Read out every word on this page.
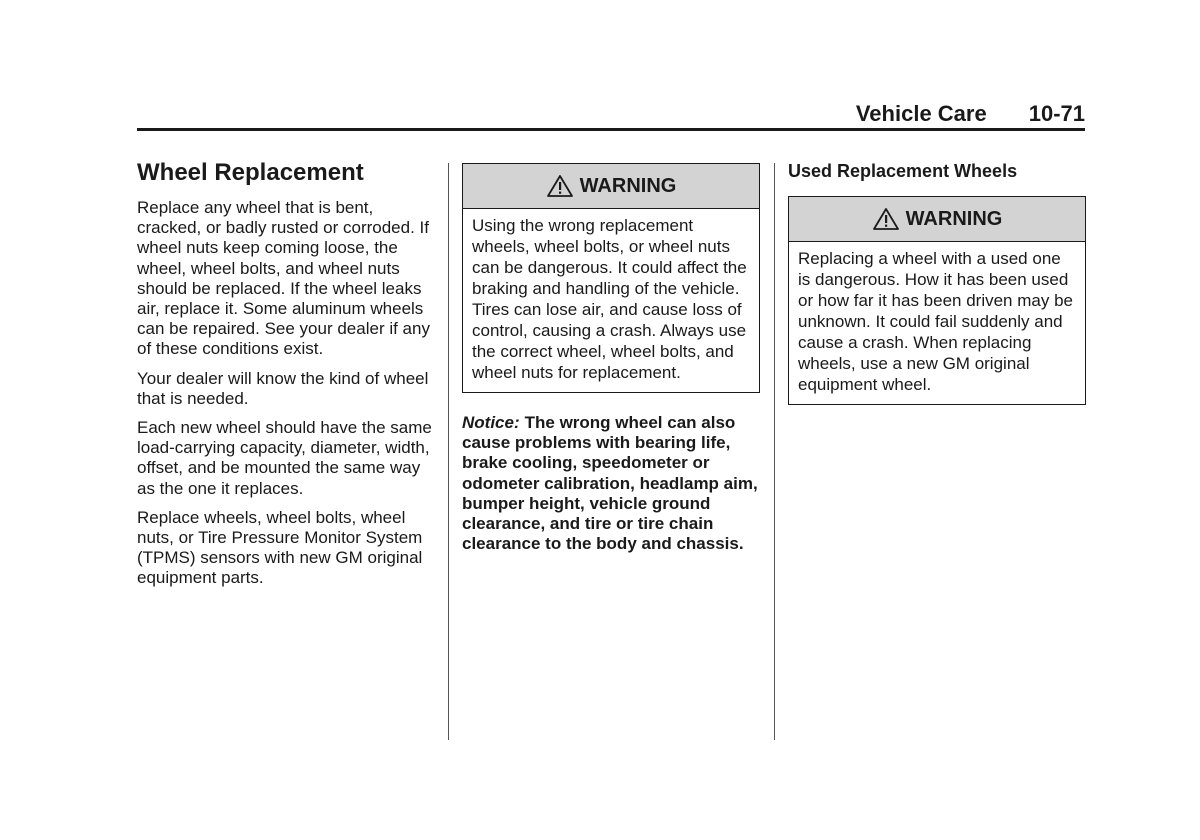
Vehicle Care 10-71
Wheel Replacement

Replace any wheel that is bent, cracked, or badly rusted or corroded. If wheel nuts keep coming loose, the wheel, wheel bolts, and wheel nuts should be replaced. If the wheel leaks air, replace it. Some aluminum wheels can be repaired. See your dealer if any of these conditions exist.

Your dealer will know the kind of wheel that is needed.

Each new wheel should have the same load-carrying capacity, diameter, width, offset, and be mounted the same way as the one it replaces.

Replace wheels, wheel bolts, wheel nuts, or Tire Pressure Monitor System (TPMS) sensors with new GM original equipment parts.

WARNING
Using the wrong replacement wheels, wheel bolts, or wheel nuts can be dangerous. It could affect the braking and handling of the vehicle. Tires can lose air, and cause loss of control, causing a crash. Always use the correct wheel, wheel bolts, and wheel nuts for replacement.

Notice: The wrong wheel can also cause problems with bearing life, brake cooling, speedometer or odometer calibration, headlamp aim, bumper height, vehicle ground clearance, and tire or tire chain clearance to the body and chassis.

Used Replacement Wheels
WARNING
Replacing a wheel with a used one is dangerous. How it has been used or how far it has been driven may be unknown. It could fail suddenly and cause a crash. When replacing wheels, use a new GM original equipment wheel.
